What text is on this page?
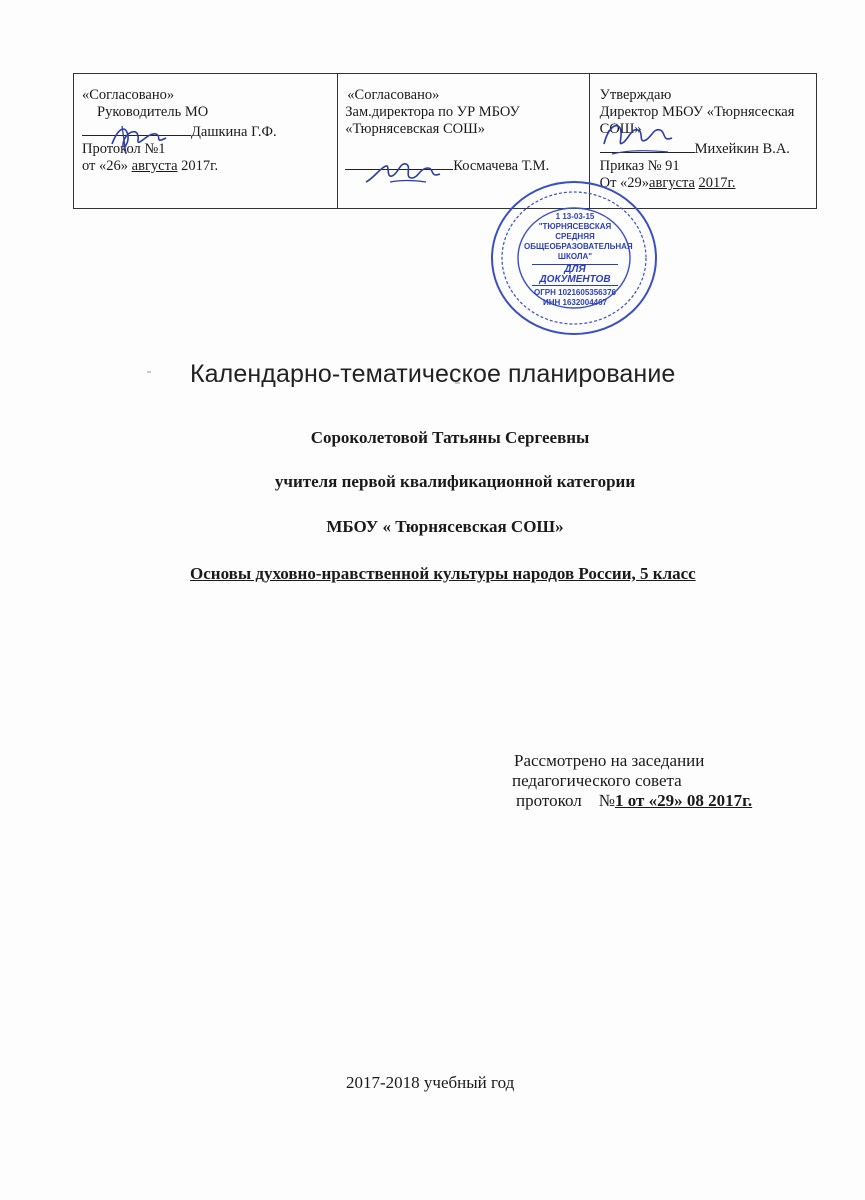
«Согласовано»
Руководитель МО
Дашкина Г.Ф.
Протокол №1
от «26» августа 2017г.
«Согласовано»
Зам.директора по УР МБОУ
«Тюрнясевская СОШ»
Космачева Т.М.
Утверждаю
Директор МБОУ «Тюрнясеская
СОШ»
Михейкин В.А.
Приказ № 91
От «29»августа 2017г.
1 13-03-15
"ТЮРНЯСЕВСКАЯ
СРЕДНЯЯ
ОБЩЕОБРАЗОВАТЕЛЬНАЯ
ШКОЛА"
ДЛЯ ДОКУМЕНТОВ
ОГРН 1021605356376
ИНН 1632004467
Календарно-тематическое планирование
Сороколетовой Татьяны Сергеевны
учителя первой квалификационной категории
МБОУ « Тюрнясевская СОШ»
Основы духовно-нравственной культуры народов России, 5 класс
Рассмотрено на заседании
педагогического совета
протокол    №1 от «29» 08 2017г.
2017-2018 учебный год
